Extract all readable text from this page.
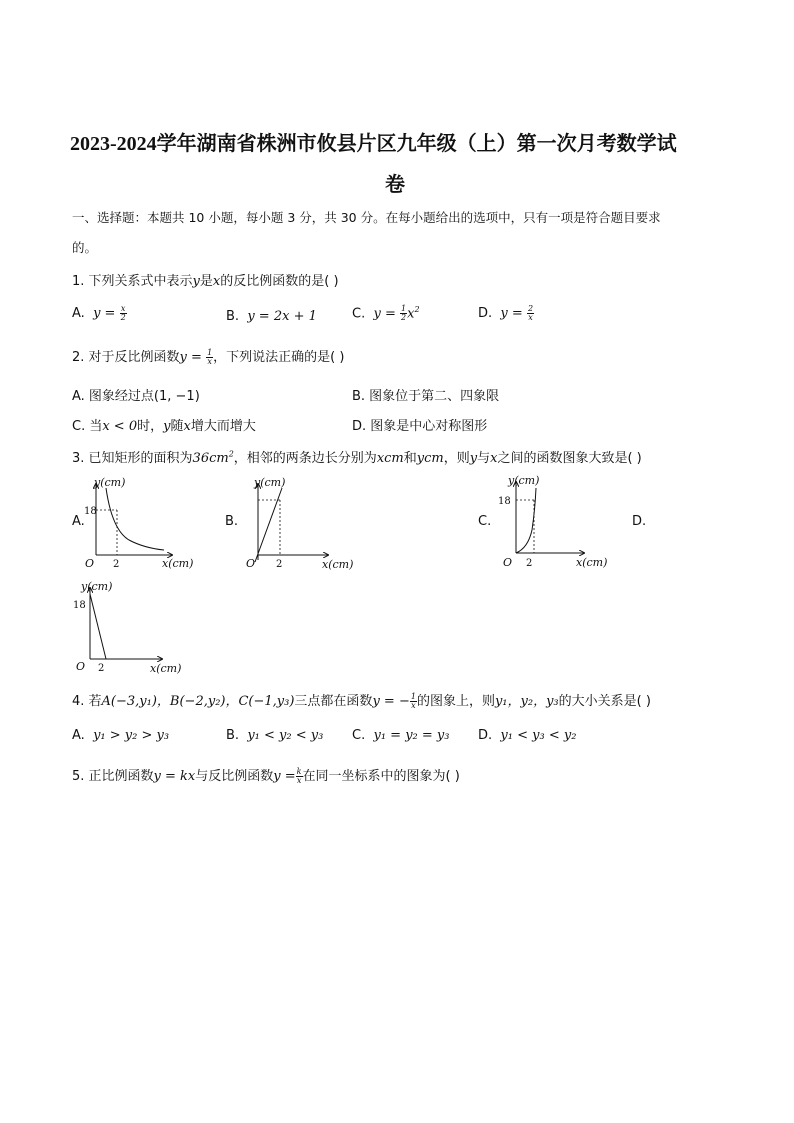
2023-2024学年湖南省株洲市攸县片区九年级（上）第一次月考数学试
卷
一、选择题：本题共 10 小题，每小题 3 分，共 30 分。在每小题给出的选项中，只有一项是符合题目要求
的。
1. 下列关系式中表示y是x的反比例函数的是( )
A. $y = \frac{x}{2}$	B. y = 2x + 1	C. $y = \frac{1}{2} x^2$	D. $y = \frac{2}{x}$
2. 对于反比例函数$y = \frac{1}{x}$ ，下列说法正确的是( )
A. 图象经过点(1, −1)	B. 图象位于第二、四象限
C. 当x < 0时，y随x增大而增大	D. 图象是中心对称图形
3. 已知矩形的面积为$36cm^2$，相邻的两条边长分别为xcm和ycm，则y与x之间的函数图象大致是( )
A.	B.	C.	D.
y(cm)
x(cm)
O 2
18
y(cm)
x(cm)
O 2
y(cm)
x(cm)
O 2
18
y(cm)
x(cm)
O 2
18
4. 若A(−3,y₁)，B(−2,y₂)，C(−1,y₃)三点都在函数y = − $\frac{1}{x}$ 的图象上，则y₁，y₂，y₃的大小关系是( )
A. y₁ > y₂ > y₃	B. y₁ < y₂ < y₃ C. y₁ = y₂ = y₃ D. y₁ < y₃ < y₂
5. 正比例函数y = kx与反比例函数$y = \frac{k}{x}$ 在同一坐标系中的图象为( )
